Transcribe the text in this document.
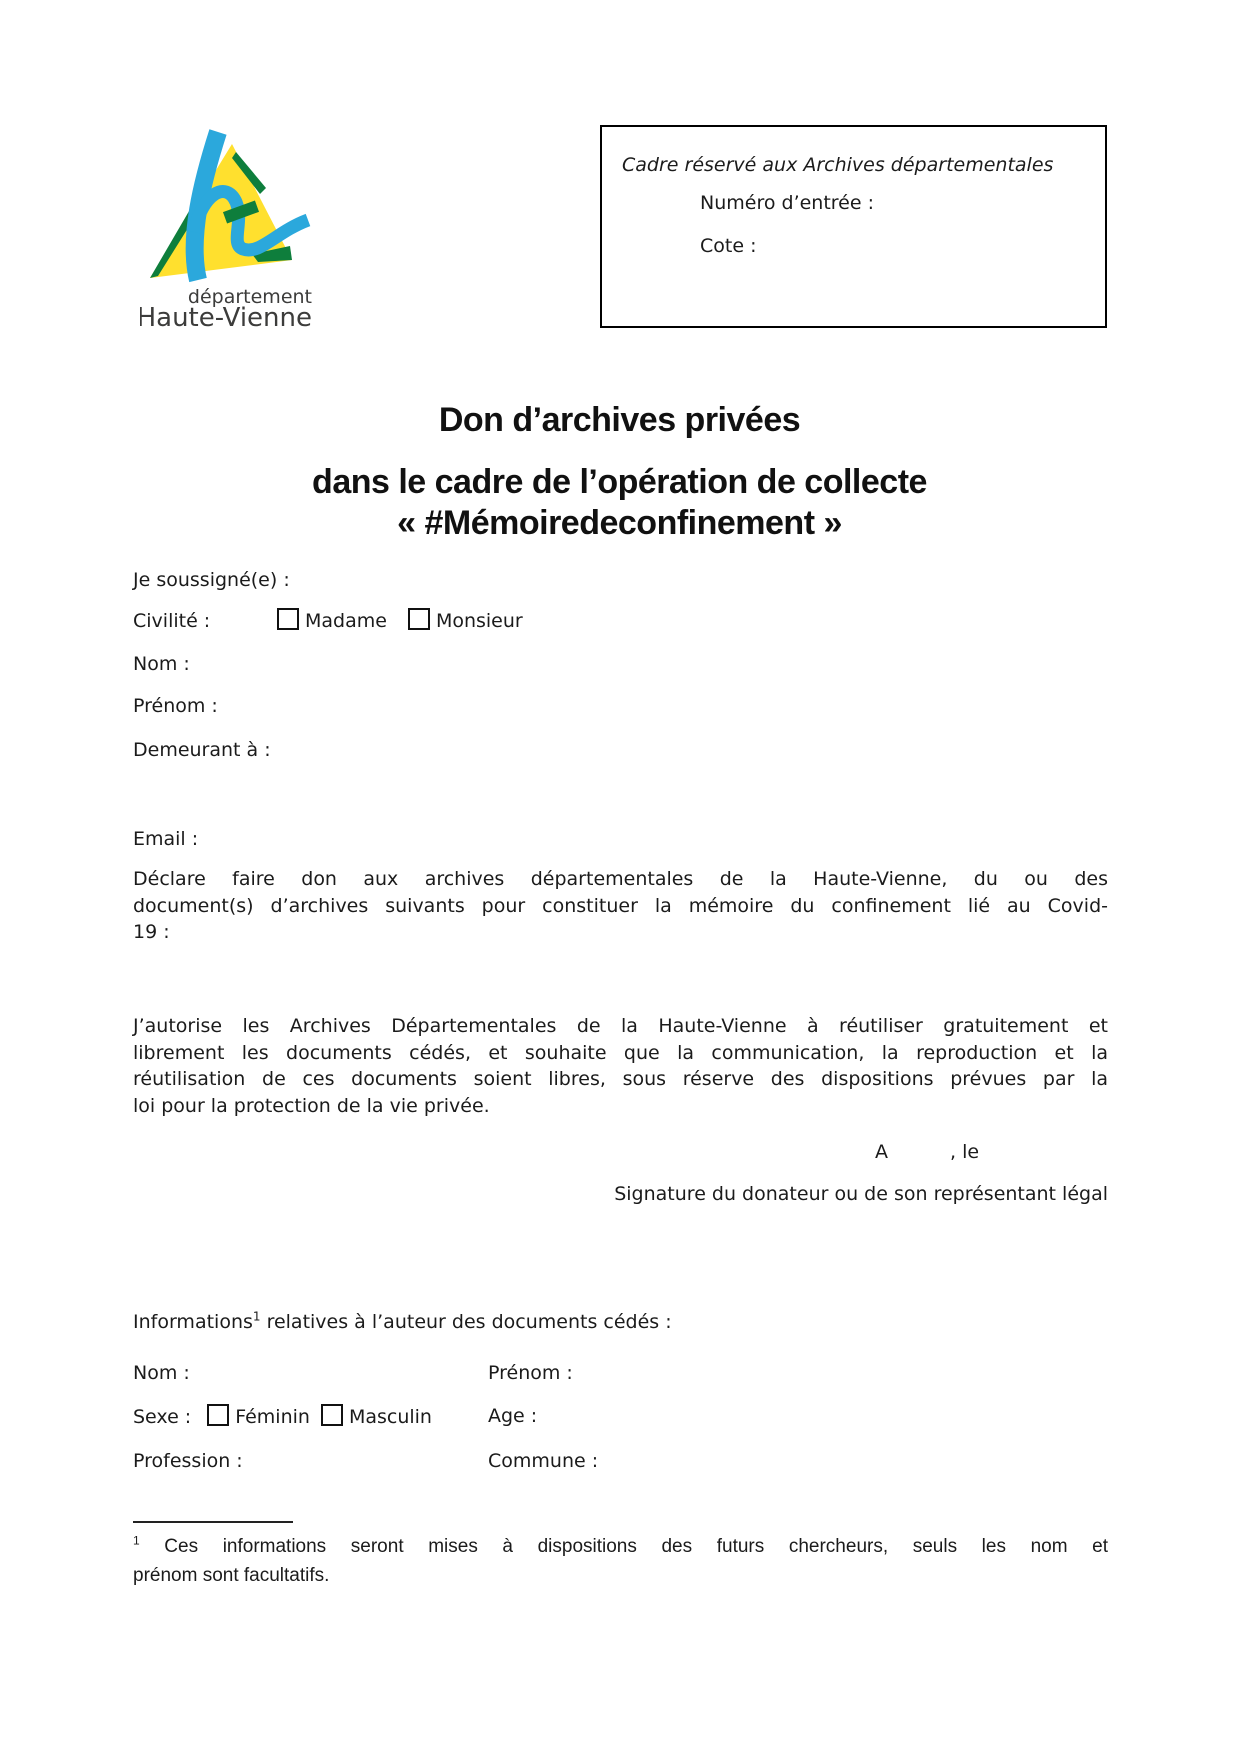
département
Haute-Vienne
Cadre réservé aux Archives départementales
Numéro d’entrée :
Cote :
Don d’archives privées
dans le cadre de l’opération de collecte
« #Mémoiredeconfinement »
Je soussigné(e) :
Civilité :	Madame	Monsieur
Nom :
Prénom :
Demeurant à :
Email :
Déclare faire don aux archives départementales de la Haute-Vienne, du ou des
document(s) d’archives suivants pour constituer la mémoire du confinement lié au Covid-
19 :
J’autorise les Archives Départementales de la Haute-Vienne à réutiliser gratuitement et
librement les documents cédés, et souhaite que la communication, la reproduction et la
réutilisation de ces documents soient libres, sous réserve des dispositions prévues par la
loi pour la protection de la vie privée.
A	, le
Signature du donateur ou de son représentant légal
Informations$^1$ relatives à l’auteur des documents cédés :
Nom :	Prénom :
Sexe : Féminin Masculin	Age :
Profession :	Commune :
$^1$ Ces informations seront mises à dispositions des futurs chercheurs, seuls les nom et
prénom sont facultatifs.
